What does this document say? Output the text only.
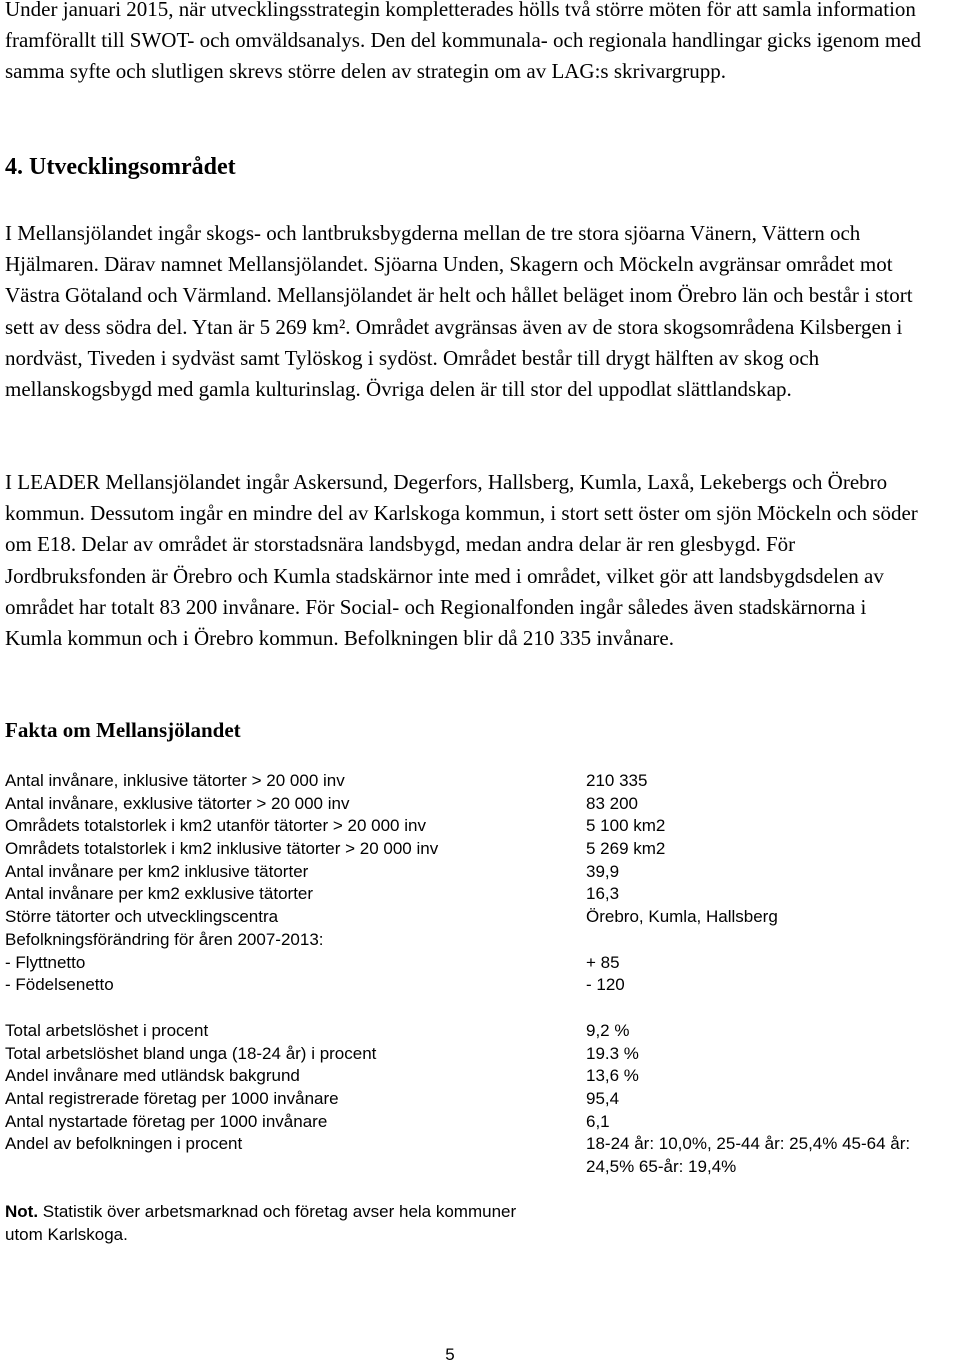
Under januari 2015, när utvecklingsstrategin kompletterades hölls två större möten för att samla information framförallt till SWOT- och omväldsanalys. Den del kommunala- och regionala handlingar gicks igenom med samma syfte och slutligen skrevs större delen av strategin om av LAG:s skrivargrupp.

4. Utvecklingsområdet

I Mellansjölandet ingår skogs- och lantbruksbygderna mellan de tre stora sjöarna Vänern, Vättern och Hjälmaren. Därav namnet Mellansjölandet. Sjöarna Unden, Skagern och Möckeln avgränsar området mot Västra Götaland och Värmland. Mellansjölandet är helt och hållet beläget inom Örebro län och består i stort sett av dess södra del. Ytan är 5 269 km². Området avgränsas även av de stora skogsområdena Kilsbergen i nordväst, Tiveden i sydväst samt Tylöskog i sydöst. Området består till drygt hälften av skog och mellanskogsbygd med gamla kulturinslag. Övriga delen är till stor del uppodlat slättlandskap.

I LEADER Mellansjölandet ingår Askersund, Degerfors, Hallsberg, Kumla, Laxå, Lekebergs och Örebro kommun. Dessutom ingår en mindre del av Karlskoga kommun, i stort sett öster om sjön Möckeln och söder om E18. Delar av området är storstadsnära landsbygd, medan andra delar är ren glesbygd. För Jordbruksfonden är Örebro och Kumla stadskärnor inte med i området, vilket gör att landsbygdsdelen av området har totalt 83 200 invånare. För Social- och Regionalfonden ingår således även stadskärnorna i Kumla kommun och i Örebro kommun. Befolkningen blir då 210 335 invånare.

Fakta om Mellansjölandet
Antal invånare, inklusive tätorter > 20 000 inv	210 335
Antal invånare, exklusive tätorter > 20 000 inv	83 200
Områdets totalstorlek i km2 utanför tätorter > 20 000 inv	5 100 km2
Områdets totalstorlek i km2 inklusive tätorter > 20 000 inv	5 269 km2
Antal invånare per km2 inklusive tätorter	39,9
Antal invånare per km2 exklusive tätorter	16,3
Större tätorter och utvecklingscentra	Örebro, Kumla, Hallsberg
Befolkningsförändring för åren 2007-2013:
- Flyttnetto	+ 85
- Födelsenetto	- 120
Total arbetslöshet i procent	9,2 %
Total arbetslöshet bland unga (18-24 år) i procent	19.3 %
Andel invånare med utländsk bakgrund	13,6 %
Antal registrerade företag per 1000 invånare	95,4
Antal nystartade företag per 1000 invånare	6,1
Andel av befolkningen i procent	18-24 år: 10,0%, 25-44 år: 25,4% 45-64 år: 24,5% 65-år: 19,4%
Not. Statistik över arbetsmarknad och företag avser hela kommuner utom Karlskoga.
5
